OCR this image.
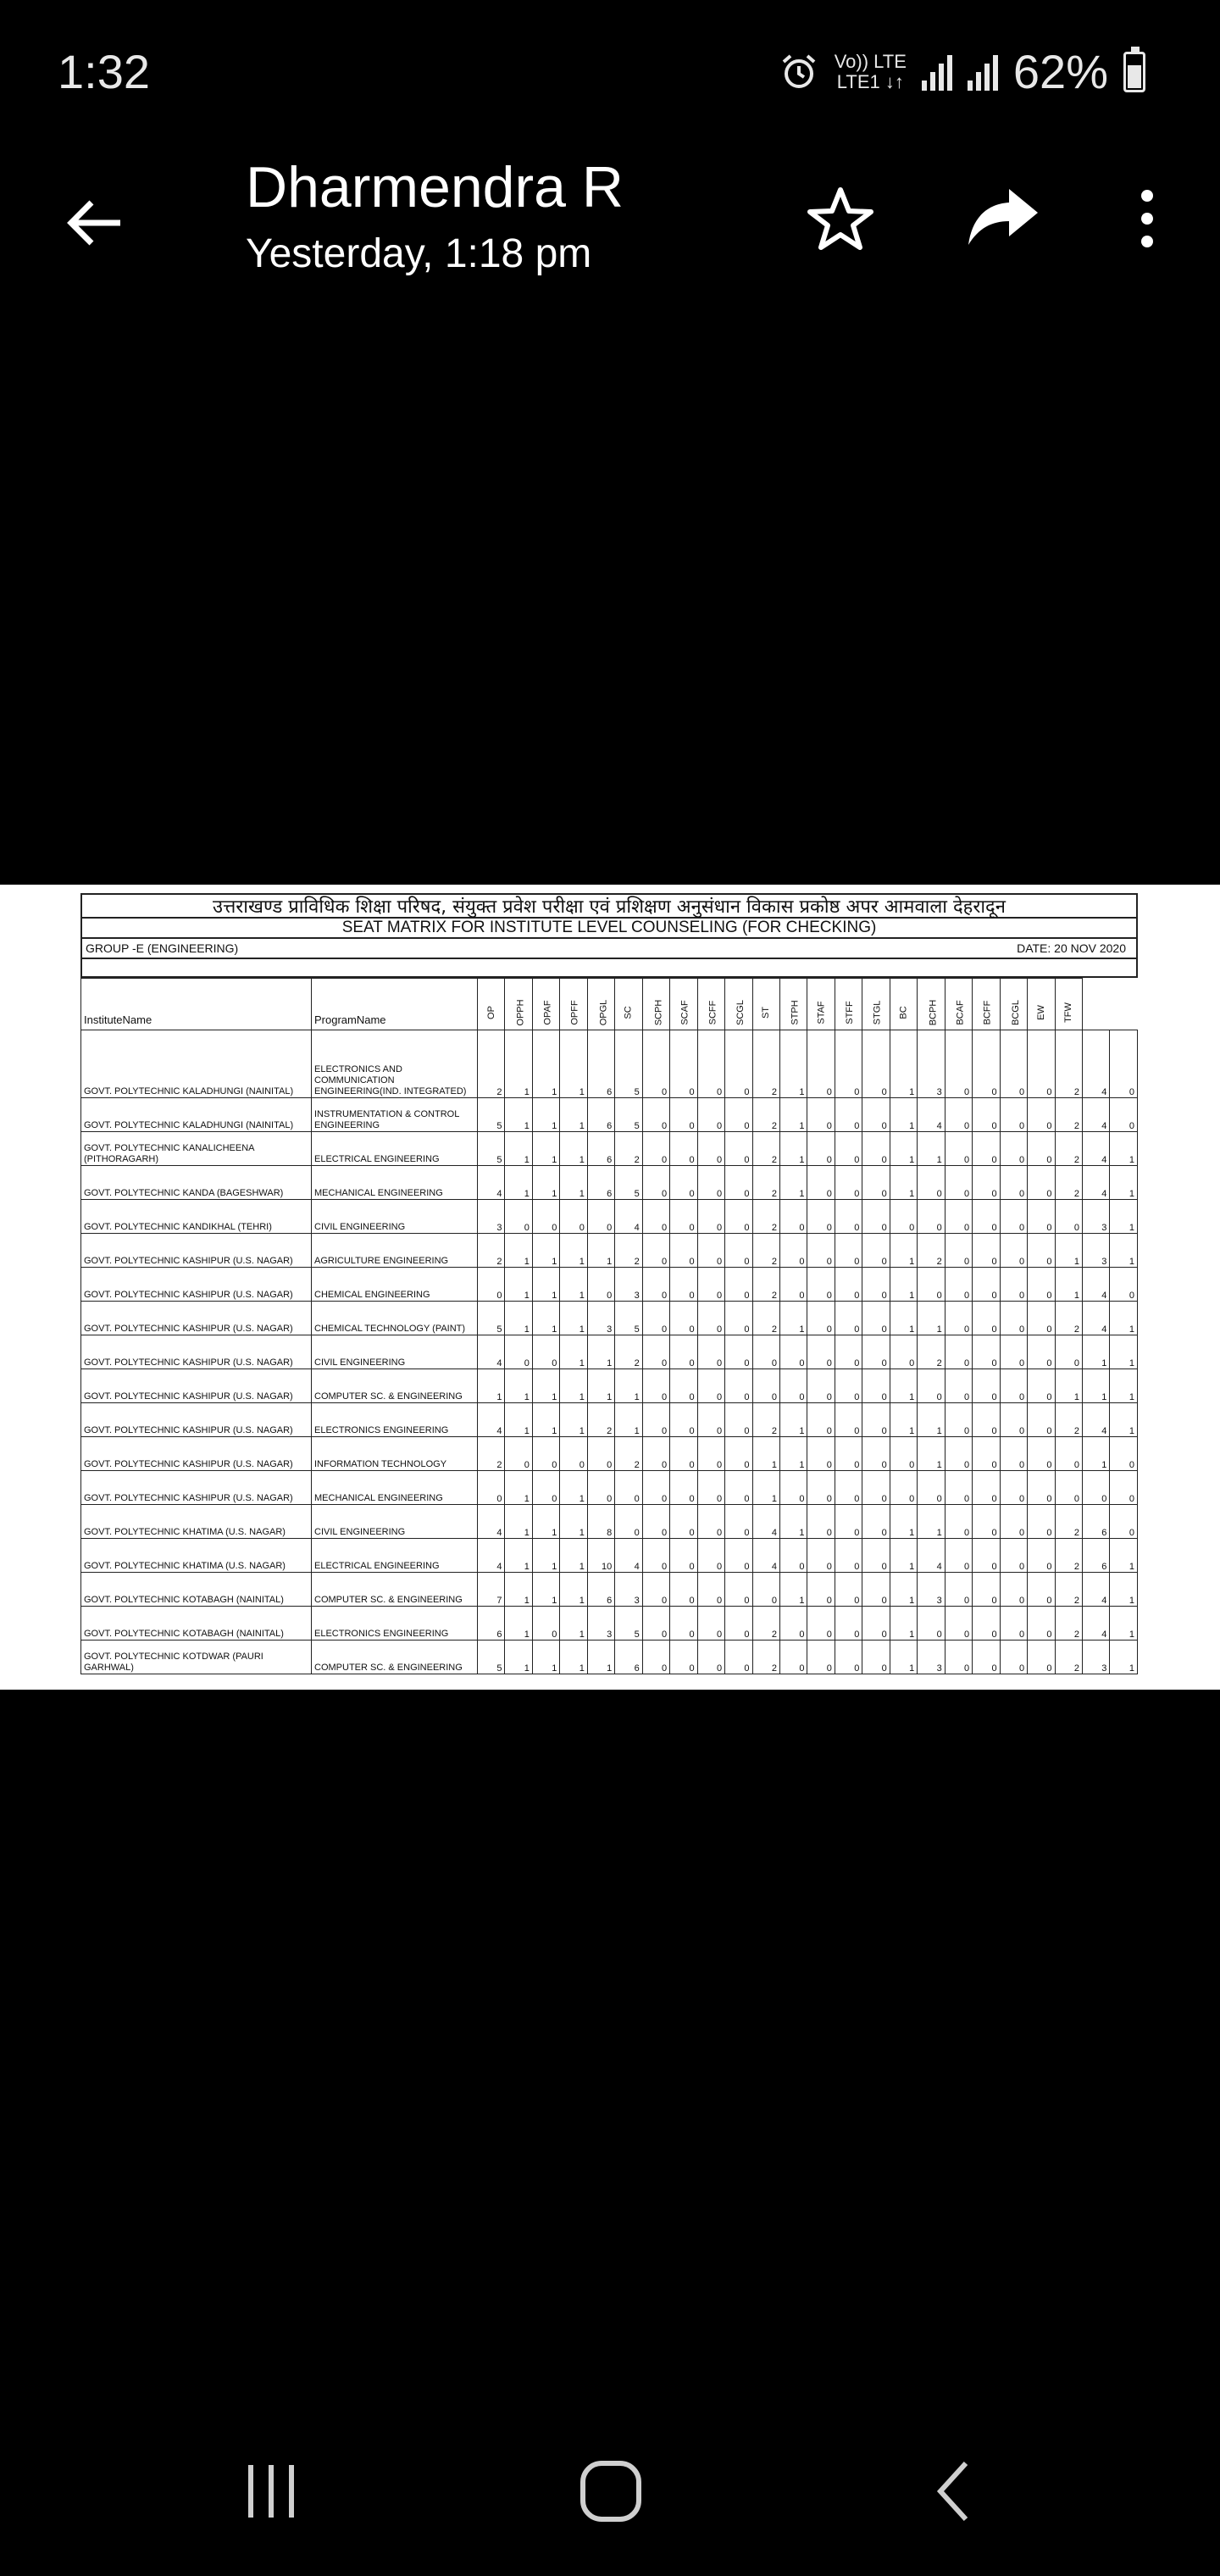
1:32	Vo)) LTE
LTE1 ↓↑ 62%
Dharmendra R
Yesterday, 1:18 pm
उत्तराखण्ड प्राविधिक शिक्षा परिषद, संयुक्त प्रवेश परीक्षा एवं प्रशिक्षण अनुसंधान विकास प्रकोष्ठ अपर आमवाला देहरादून
SEAT MATRIX FOR INSTITUTE LEVEL COUNSELING (FOR CHECKING)
GROUP -E (ENGINEERING)	DATE: 20 NOV 2020
InstituteName	ProgramName	OP	OPPH	OPAF	OPFF	OPGL	SC	SCPH	SCAF	SCFF	SCGL	ST	STPH	STAF	STFF	STGL	BC	BCPH	BCAF	BCFF	BCGL	EW	TFW		
GOVT. POLYTECHNIC KALADHUNGI (NAINITAL)	ELECTRONICS AND COMMUNICATION ENGINEERING(IND. INTEGRATED)	2	1	1	1	6	5	0	0	0	0	2	1	0	0	0	1	3	0	0	0	0	2	4	0
GOVT. POLYTECHNIC KALADHUNGI (NAINITAL)	INSTRUMENTATION & CONTROL ENGINEERING	5	1	1	1	6	5	0	0	0	0	2	1	0	0	0	1	4	0	0	0	0	2	4	0
GOVT. POLYTECHNIC KANALICHEENA (PITHORAGARH)	ELECTRICAL ENGINEERING	5	1	1	1	6	2	0	0	0	0	2	1	0	0	0	1	1	0	0	0	0	2	4	1
GOVT. POLYTECHNIC KANDA (BAGESHWAR)	MECHANICAL ENGINEERING	4	1	1	1	6	5	0	0	0	0	2	1	0	0	0	1	0	0	0	0	0	2	4	1
GOVT. POLYTECHNIC KANDIKHAL (TEHRI)	CIVIL ENGINEERING	3	0	0	0	0	4	0	0	0	0	2	0	0	0	0	0	0	0	0	0	0	0	3	1
GOVT. POLYTECHNIC KASHIPUR (U.S. NAGAR)	AGRICULTURE ENGINEERING	2	1	1	1	1	2	0	0	0	0	2	0	0	0	0	1	2	0	0	0	0	1	3	1
GOVT. POLYTECHNIC KASHIPUR (U.S. NAGAR)	CHEMICAL ENGINEERING	0	1	1	1	0	3	0	0	0	0	2	0	0	0	0	1	0	0	0	0	0	1	4	0
GOVT. POLYTECHNIC KASHIPUR (U.S. NAGAR)	CHEMICAL TECHNOLOGY (PAINT)	5	1	1	1	3	5	0	0	0	0	2	1	0	0	0	1	1	0	0	0	0	2	4	1
GOVT. POLYTECHNIC KASHIPUR (U.S. NAGAR)	CIVIL ENGINEERING	4	0	0	1	1	2	0	0	0	0	0	0	0	0	0	0	2	0	0	0	0	0	1	1
GOVT. POLYTECHNIC KASHIPUR (U.S. NAGAR)	COMPUTER SC. & ENGINEERING	1	1	1	1	1	1	0	0	0	0	0	0	0	0	0	1	0	0	0	0	0	1	1	1
GOVT. POLYTECHNIC KASHIPUR (U.S. NAGAR)	ELECTRONICS ENGINEERING	4	1	1	1	2	1	0	0	0	0	2	1	0	0	0	1	1	0	0	0	0	2	4	1
GOVT. POLYTECHNIC KASHIPUR (U.S. NAGAR)	INFORMATION TECHNOLOGY	2	0	0	0	0	2	0	0	0	0	1	1	0	0	0	0	1	0	0	0	0	0	1	0
GOVT. POLYTECHNIC KASHIPUR (U.S. NAGAR)	MECHANICAL ENGINEERING	0	1	0	1	0	0	0	0	0	0	1	0	0	0	0	0	0	0	0	0	0	0	0	0
GOVT. POLYTECHNIC KHATIMA (U.S. NAGAR)	CIVIL ENGINEERING	4	1	1	1	8	0	0	0	0	0	4	1	0	0	0	1	1	0	0	0	0	2	6	0
GOVT. POLYTECHNIC KHATIMA (U.S. NAGAR)	ELECTRICAL ENGINEERING	4	1	1	1	10	4	0	0	0	0	4	0	0	0	0	1	4	0	0	0	0	2	6	1
GOVT. POLYTECHNIC KOTABAGH (NAINITAL)	COMPUTER SC. & ENGINEERING	7	1	1	1	6	3	0	0	0	0	0	1	0	0	0	1	3	0	0	0	0	2	4	1
GOVT. POLYTECHNIC KOTABAGH (NAINITAL)	ELECTRONICS ENGINEERING	6	1	0	1	3	5	0	0	0	0	2	0	0	0	0	1	0	0	0	0	0	2	4	1
GOVT. POLYTECHNIC KOTDWAR (PAURI GARHWAL)	COMPUTER SC. & ENGINEERING	5	1	1	1	1	6	0	0	0	0	2	0	0	0	0	1	3	0	0	0	0	2	3	1
